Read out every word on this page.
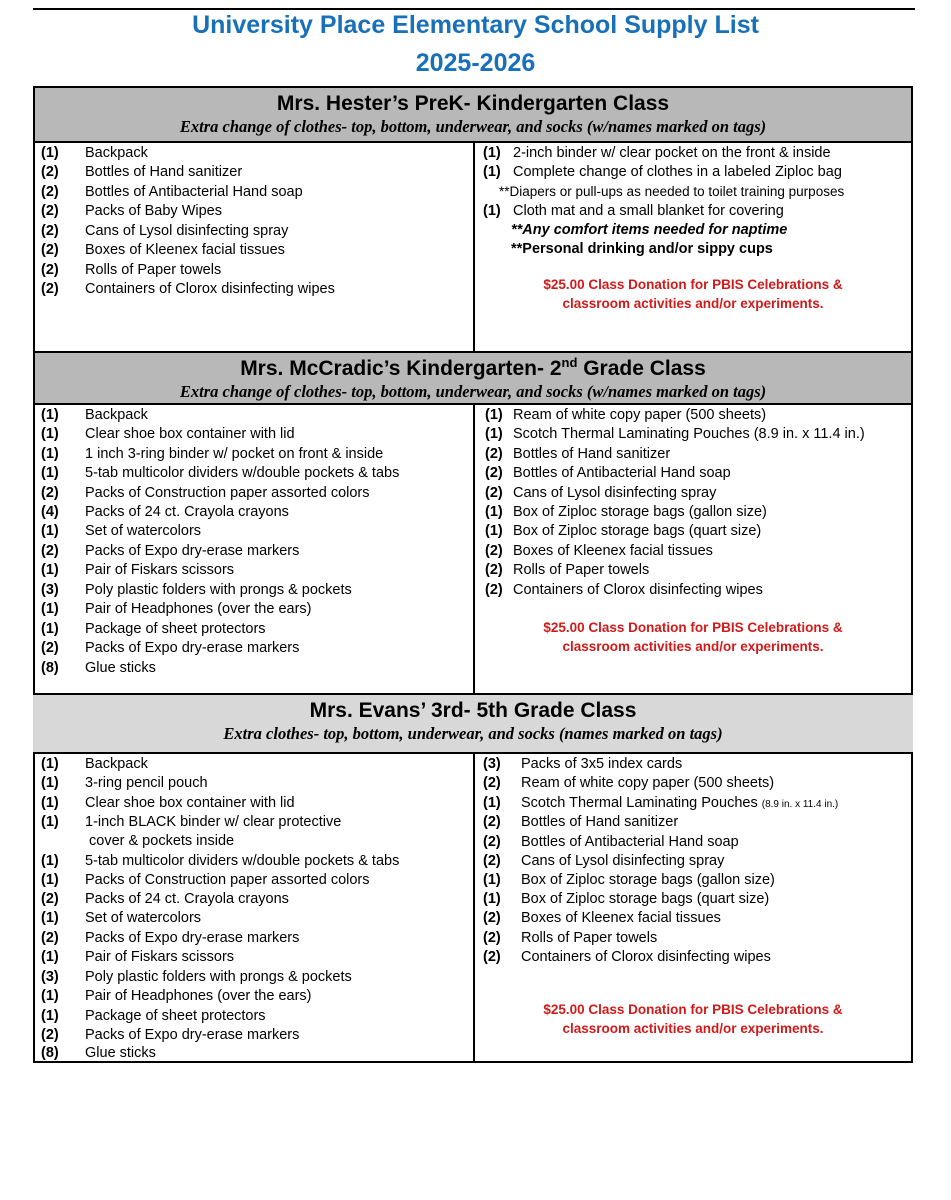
University Place Elementary School Supply List
2025-2026
Mrs. Hester’s PreK- Kindergarten Class
Extra change of clothes- top, bottom, underwear, and socks (w/names marked on tags)
(1) Backpack
(2) Bottles of Hand sanitizer
(2) Bottles of Antibacterial Hand soap
(2) Packs of Baby Wipes
(2) Cans of Lysol disinfecting spray
(2) Boxes of Kleenex facial tissues
(2) Rolls of Paper towels
(2) Containers of Clorox disinfecting wipes
(1) 2-inch binder w/ clear pocket on the front & inside
(1) Complete change of clothes in a labeled Ziploc bag
**Diapers or pull-ups as needed to toilet training purposes
(1) Cloth mat and a small blanket for covering
**Any comfort items needed for naptime
**Personal drinking and/or sippy cups
$25.00 Class Donation for PBIS Celebrations &
classroom activities and/or experiments.
Mrs. McCradic’s Kindergarten- 2nd Grade Class
Extra change of clothes- top, bottom, underwear, and socks (w/names marked on tags)
(1) Backpack
(1) Clear shoe box container with lid
(1) 1 inch 3-ring binder w/ pocket on front & inside
(1) 5-tab multicolor dividers w/double pockets & tabs
(2) Packs of Construction paper assorted colors
(4) Packs of 24 ct. Crayola crayons
(1) Set of watercolors
(2) Packs of Expo dry-erase markers
(1) Pair of Fiskars scissors
(3) Poly plastic folders with prongs & pockets
(1) Pair of Headphones (over the ears)
(1) Package of sheet protectors
(2) Packs of Expo dry-erase markers
(8) Glue sticks
(1) Ream of white copy paper (500 sheets)
(1) Scotch Thermal Laminating Pouches (8.9 in. x 11.4 in.)
(2) Bottles of Hand sanitizer
(2) Bottles of Antibacterial Hand soap
(2) Cans of Lysol disinfecting spray
(1) Box of Ziploc storage bags (gallon size)
(1) Box of Ziploc storage bags (quart size)
(2) Boxes of Kleenex facial tissues
(2) Rolls of Paper towels
(2) Containers of Clorox disinfecting wipes
$25.00 Class Donation for PBIS Celebrations &
classroom activities and/or experiments.
Mrs. Evans’ 3rd- 5th Grade Class
Extra clothes- top, bottom, underwear, and socks (names marked on tags)
(1) Backpack
(1) 3-ring pencil pouch
(1) Clear shoe box container with lid
(1) 1-inch BLACK binder w/ clear protective
cover & pockets inside
(1) 5-tab multicolor dividers w/double pockets & tabs
(1) Packs of Construction paper assorted colors
(2) Packs of 24 ct. Crayola crayons
(1) Set of watercolors
(2) Packs of Expo dry-erase markers
(1) Pair of Fiskars scissors
(3) Poly plastic folders with prongs & pockets
(1) Pair of Headphones (over the ears)
(1) Package of sheet protectors
(2) Packs of Expo dry-erase markers
(8) Glue sticks
(3) Packs of 3x5 index cards
(2) Ream of white copy paper (500 sheets)
(1) Scotch Thermal Laminating Pouches (8.9 in. x 11.4 in.)
(2) Bottles of Hand sanitizer
(2) Bottles of Antibacterial Hand soap
(2) Cans of Lysol disinfecting spray
(1) Box of Ziploc storage bags (gallon size)
(1) Box of Ziploc storage bags (quart size)
(2) Boxes of Kleenex facial tissues
(2) Rolls of Paper towels
(2) Containers of Clorox disinfecting wipes
$25.00 Class Donation for PBIS Celebrations &
classroom activities and/or experiments.
